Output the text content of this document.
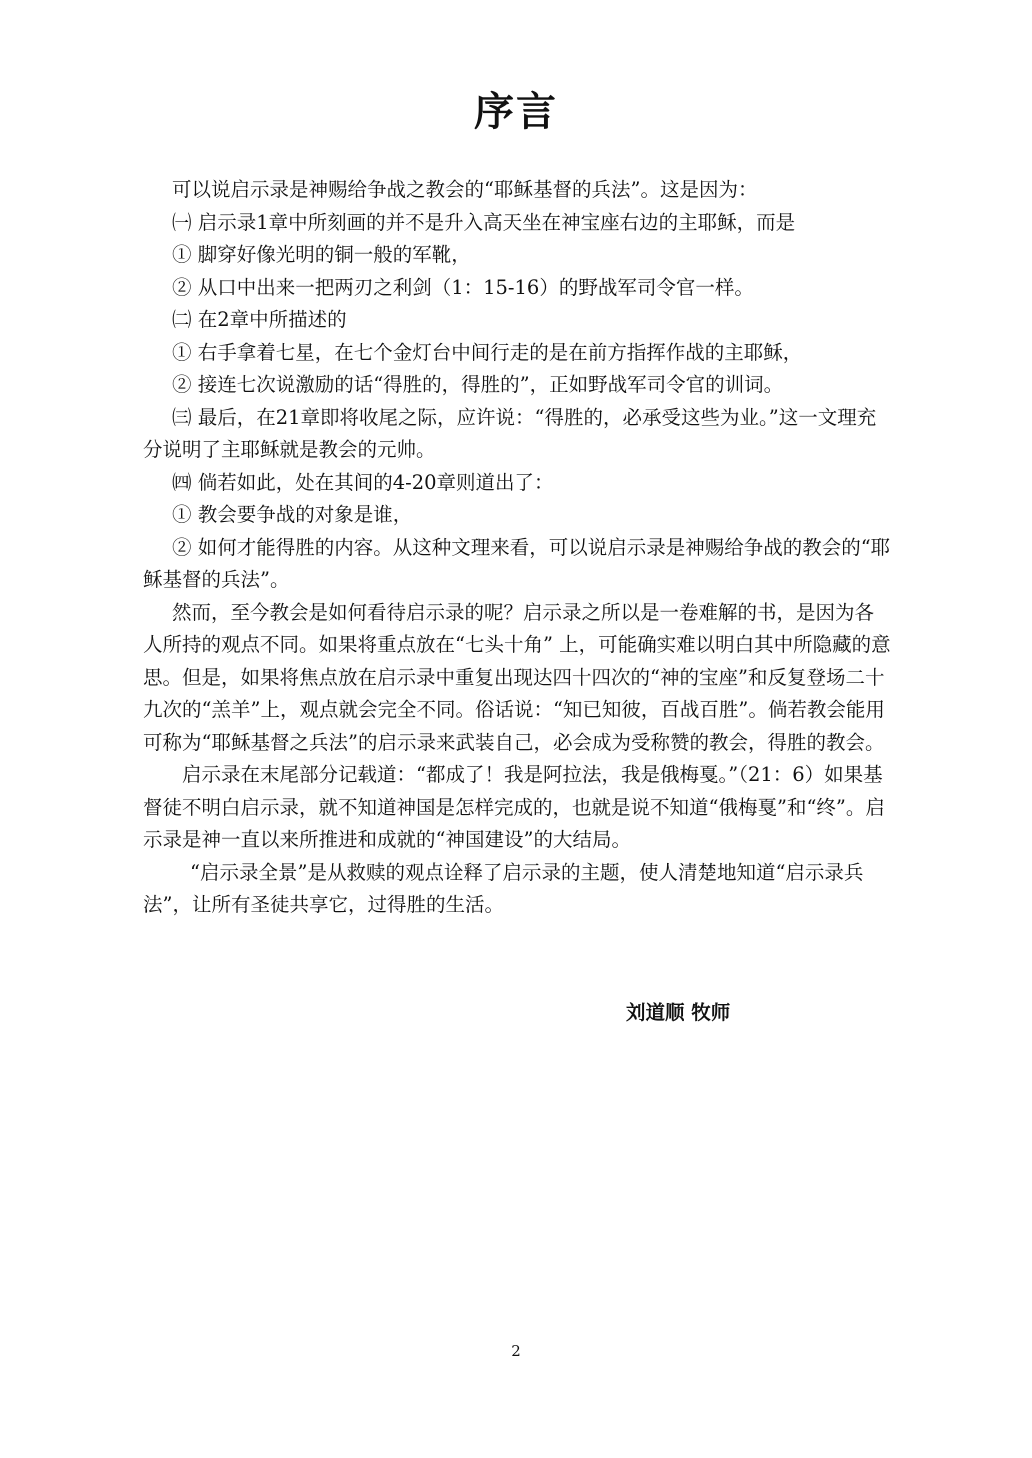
序言

可以说启示录是神赐给争战之教会的“耶稣基督的兵法”。这是因为：

㈠ 启示录1章中所刻画的并不是升入高天坐在神宝座右边的主耶稣，而是

① 脚穿好像光明的铜一般的军靴，

② 从口中出来一把两刃之利剑（1：15-16）的野战军司令官一样。

㈡ 在2章中所描述的

① 右手拿着七星，在七个金灯台中间行走的是在前方指挥作战的主耶稣，

② 接连七次说激励的话“得胜的，得胜的”，正如野战军司令官的训词。

㈢ 最后，在21章即将收尾之际，应许说：“得胜的，必承受这些为业。”这一文理充分说明了主耶稣就是教会的元帅。

㈣ 倘若如此，处在其间的4-20章则道出了：

① 教会要争战的对象是谁，

② 如何才能得胜的内容。从这种文理来看，可以说启示录是神赐给争战的教会的“耶稣基督的兵法”。

然而，至今教会是如何看待启示录的呢？启示录之所以是一卷难解的书，是因为各人所持的观点不同。如果将重点放在“七头十角” 上，可能确实难以明白其中所隐藏的意思。但是，如果将焦点放在启示录中重复出现达四十四次的“神的宝座”和反复登场二十九次的“羔羊”上，观点就会完全不同。俗话说：“知已知彼，百战百胜”。倘若教会能用可称为“耶稣基督之兵法”的启示录来武装自己，必会成为受称赞的教会，得胜的教会。

启示录在末尾部分记载道：“都成了！我是阿拉法，我是俄梅戛。”（21：6）如果基督徒不明白启示录，就不知道神国是怎样完成的，也就是说不知道“俄梅戛”和“终”。启示录是神一直以来所推进和成就的“神国建设”的大结局。

“启示录全景”是从救赎的观点诠释了启示录的主题，使人清楚地知道“启示录兵法”，让所有圣徒共享它，过得胜的生活。

刘道顺 牧师
2
